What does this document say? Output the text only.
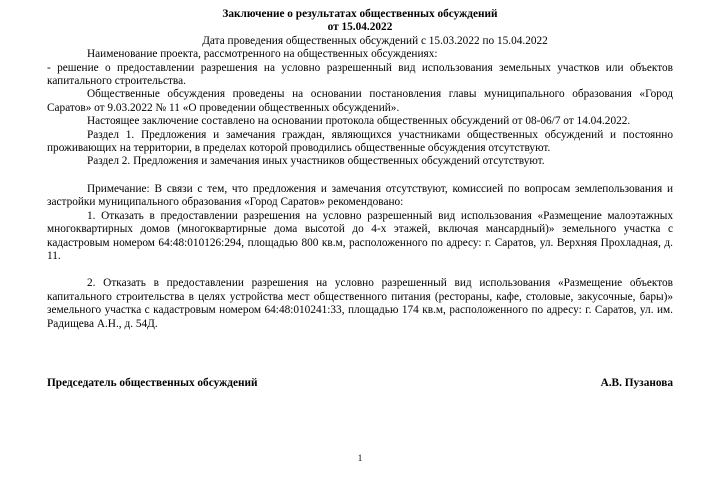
Заключение о результатах общественных обсуждений

от 15.04.2022

Дата проведения общественных обсуждений с 15.03.2022 по 15.04.2022

Наименование проекта, рассмотренного на общественных обсуждениях:

- решение о предоставлении разрешения на условно разрешенный вид использования земельных участков или объектов капитального строительства.

Общественные обсуждения проведены на основании постановления главы муниципального образования «Город Саратов» от 9.03.2022 № 11 «О проведении общественных обсуждений».

Настоящее заключение составлено на основании протокола общественных обсуждений от 08-06/7 от 14.04.2022.

Раздел 1. Предложения и замечания граждан, являющихся участниками общественных обсуждений и постоянно проживающих на территории, в пределах которой проводились общественные обсуждения отсутствуют.

Раздел 2. Предложения и замечания иных участников общественных обсуждений отсутствуют.

Примечание: В связи с тем, что предложения и замечания отсутствуют, комиссией по вопросам землепользования и застройки муниципального образования «Город Саратов» рекомендовано:

1. Отказать в предоставлении разрешения на условно разрешенный вид использования «Размещение малоэтажных многоквартирных домов (многоквартирные дома высотой до 4-х этажей, включая мансардный)» земельного участка с кадастровым номером 64:48:010126:294, площадью 800 кв.м, расположенного по адресу: г. Саратов, ул. Верхняя Прохладная, д. 11.

2. Отказать в предоставлении разрешения на условно разрешенный вид использования «Размещение объектов капитального строительства в целях устройства мест общественного питания (рестораны, кафе, столовые, закусочные, бары)» земельного участка с кадастровым номером 64:48:010241:33, площадью 174 кв.м, расположенного по адресу: г. Саратов, ул. им. Радищева А.Н., д. 54Д.

Председатель общественных обсуждений	А.В. Пузанова
1
